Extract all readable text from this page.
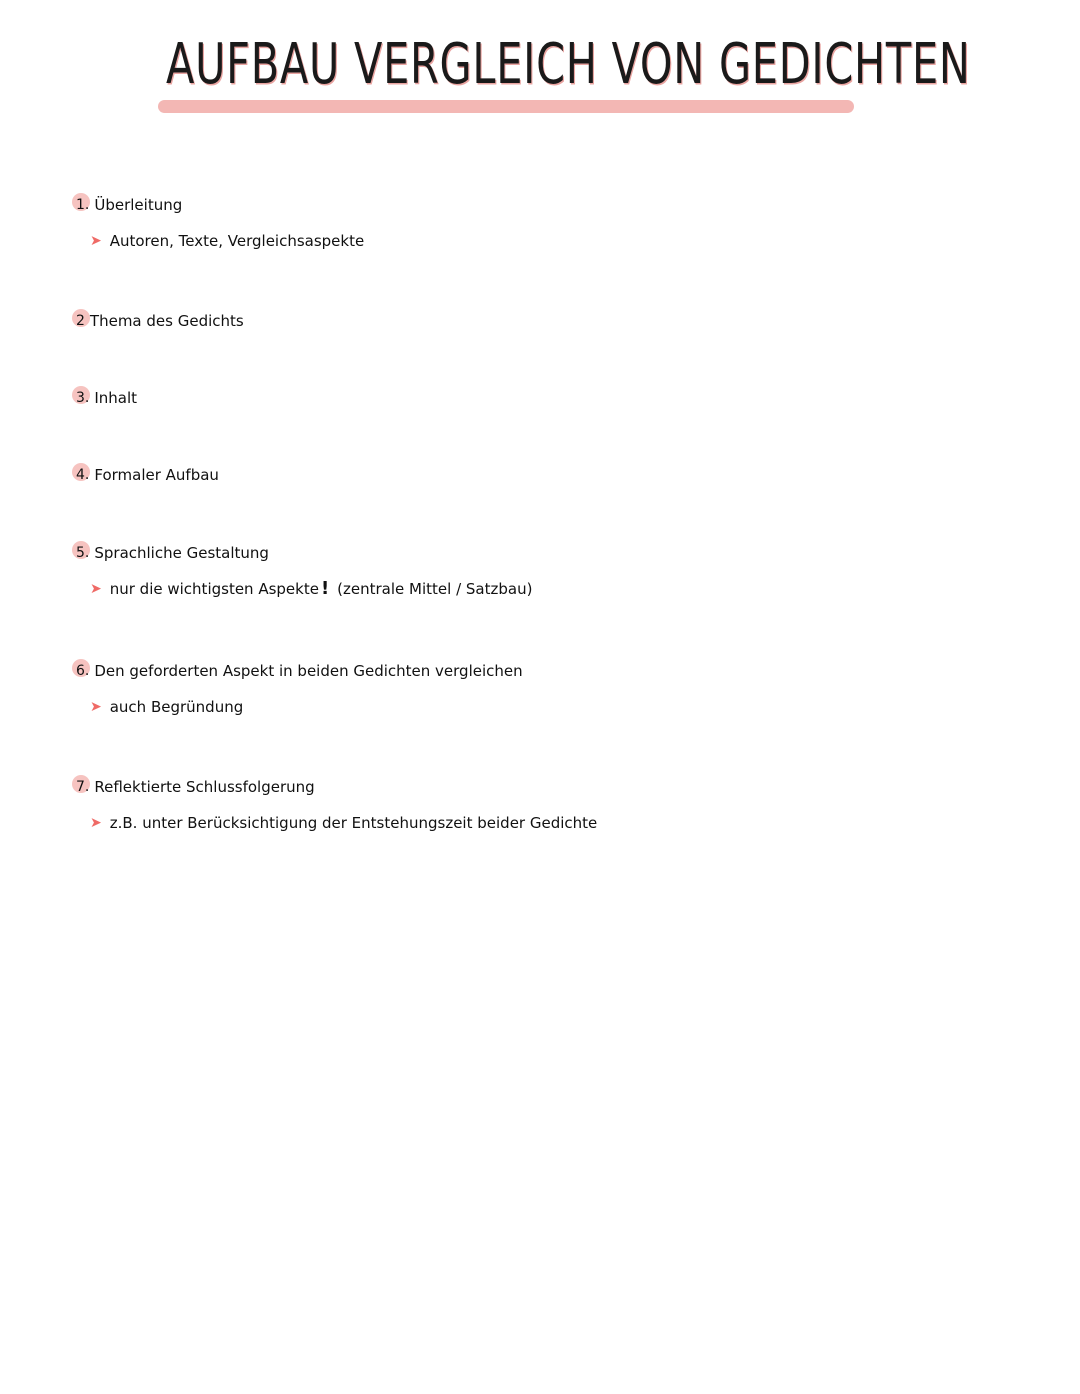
AUFBAU VERGLEICH VON GEDICHTEN
1. Überleitung
➤ Autoren, Texte, Vergleichsaspekte
2 Thema des Gedichts
3. Inhalt
4. Formaler Aufbau
5. Sprachliche Gestaltung
➤ nur die wichtigsten Aspekte ! (zentrale Mittel / Satzbau)
6. Den geforderten Aspekt in beiden Gedichten vergleichen
➤ auch Begründung
7. Reflektierte Schlussfolgerung
➤ z.B. unter Berücksichtigung der Entstehungszeit beider Gedichte
